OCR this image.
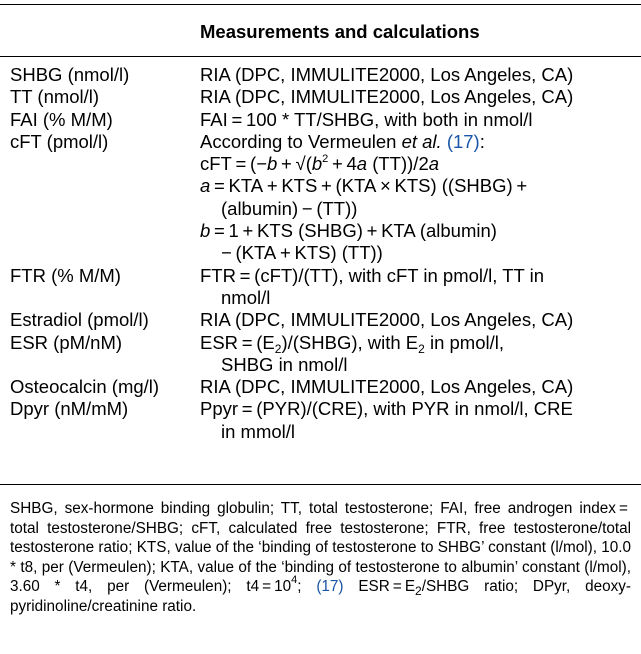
Measurements and calculations
SHBG (nmol/l)	RIA (DPC, IMMULITE2000, Los Angeles, CA)
TT (nmol/l)	RIA (DPC, IMMULITE2000, Los Angeles, CA)
FAI (% M/M)	FAI = 100 * TT/SHBG, with both in nmol/l
cFT (pmol/l)	According to Vermeulen et al. (17):
cFT = ($-b + √(b^2 + 4a$ (TT))/2a
a = KTA + KTS + (KTA × KTS) ((SHBG) +
(albumin) − (TT))
b = 1 + KTS (SHBG) + KTA (albumin)
− (KTA + KTS) (TT))
FTR (% M/M)	FTR = (cFT)/(TT), with cFT in pmol/l, TT in
nmol/l
Estradiol (pmol/l)	RIA (DPC, IMMULITE2000, Los Angeles, CA)
ESR (pM/nM)	ESR = $(E_2)/(SHBG)$, with $E_2$ in pmol/l,
SHBG in nmol/l
Osteocalcin (mg/l)	RIA (DPC, IMMULITE2000, Los Angeles, CA)
Dpyr (nM/mM)	Ppyr = (PYR)/(CRE), with PYR in nmol/l, CRE
in mmol/l
SHBG, sex-hormone binding globulin; TT, total testosterone; FAI, free androgen index = total testosterone/SHBG; cFT, calculated free testosterone; FTR, free testosterone/total testosterone ratio; KTS, value of the ‘binding of testosterone to SHBG’ constant (l/mol), 10.0 * t8, per (Vermeulen); KTA, value of the ‘binding of testosterone to albumin’ constant (l/mol), 3.60 * t4, per (Vermeulen); $t4 = 10^4$; (17) ESR = $E_2$/SHBG ratio; DPyr, deoxypyridinoline/creatinine ratio.
